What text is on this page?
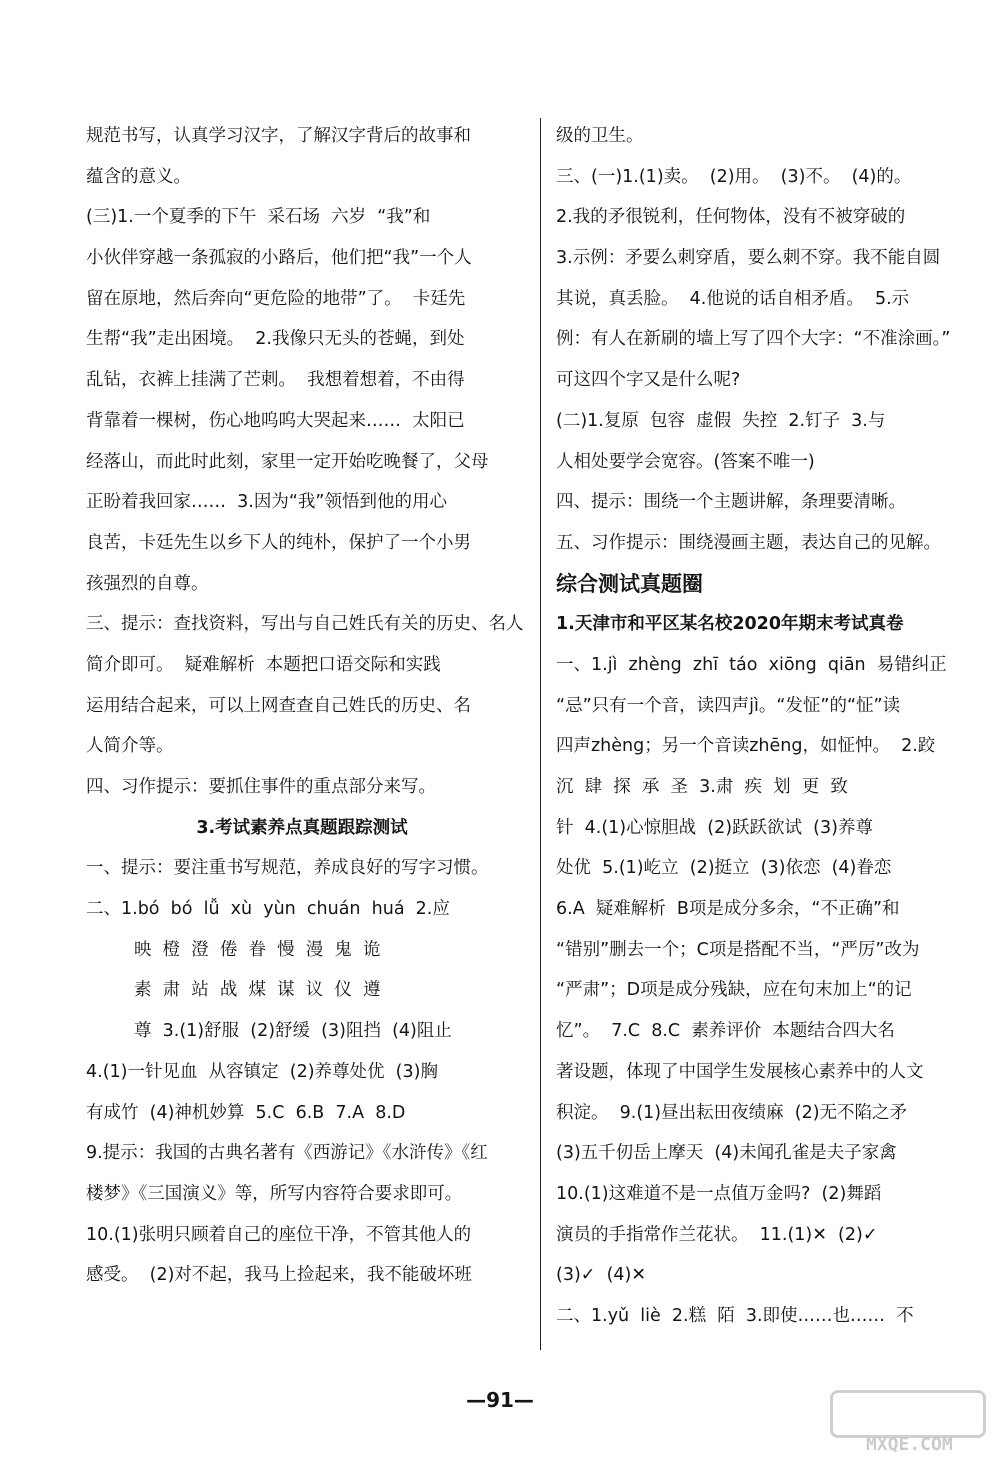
规范书写，认真学习汉字，了解汉字背后的故事和
蕴含的意义。
(三)1.一个夏季的下午  采石场  六岁  “我”和
小伙伴穿越一条孤寂的小路后，他们把“我”一个人
留在原地，然后奔向“更危险的地带”了。  卡廷先
生帮“我”走出困境。  2.我像只无头的苍蝇，到处
乱钻，衣裤上挂满了芒刺。  我想着想着，不由得
背靠着一棵树，伤心地呜呜大哭起来……  太阳已
经落山，而此时此刻，家里一定开始吃晚餐了，父母
正盼着我回家……  3.因为“我”领悟到他的用心
良苦，卡廷先生以乡下人的纯朴，保护了一个小男
孩强烈的自尊。
三、提示：查找资料，写出与自己姓氏有关的历史、名人
简介即可。  疑难解析  本题把口语交际和实践
运用结合起来，可以上网查查自己姓氏的历史、名
人简介等。
四、习作提示：要抓住事件的重点部分来写。
3.考试素养点真题跟踪测试
一、提示：要注重书写规范，养成良好的写字习惯。
二、1.bó  bó  lǚ  xù  yùn  chuán  huá  2.应
映  橙  澄  倦  眷  慢  漫  鬼  诡
素  肃  站  战  煤  谋  议  仪  遵
尊  3.(1)舒服  (2)舒缓  (3)阻挡  (4)阻止
4.(1)一针见血  从容镇定  (2)养尊处优  (3)胸
有成竹  (4)神机妙算  5.C  6.B  7.A  8.D
9.提示：我国的古典名著有《西游记》《水浒传》《红
楼梦》《三国演义》等，所写内容符合要求即可。
10.(1)张明只顾着自己的座位干净，不管其他人的
感受。  (2)对不起，我马上捡起来，我不能破坏班
级的卫生。
三、(一)1.(1)卖。  (2)用。  (3)不。  (4)的。
2.我的矛很锐利，任何物体，没有不被穿破的
3.示例：矛要么刺穿盾，要么刺不穿。我不能自圆
其说，真丢脸。  4.他说的话自相矛盾。  5.示
例：有人在新刷的墙上写了四个大字：“不准涂画。”
可这四个字又是什么呢?
(二)1.复原  包容  虚假  失控  2.钉子  3.与
人相处要学会宽容。(答案不唯一)
四、提示：围绕一个主题讲解，条理要清晰。
五、习作提示：围绕漫画主题，表达自己的见解。
综合测试真题圈
1.天津市和平区某名校2020年期末考试真卷
一、1.jì  zhèng  zhī  táo  xiōng  qiān  易错纠正
“忌”只有一个音，读四声jì。“发怔”的“怔”读
四声zhèng；另一个音读zhēng，如怔忡。  2.跤
沉  肆  探  承  圣  3.肃  疾  划  更  致
针  4.(1)心惊胆战  (2)跃跃欲试  (3)养尊
处优  5.(1)屹立  (2)挺立  (3)依恋  (4)眷恋
6.A  疑难解析  B项是成分多余，“不正确”和
“错别”删去一个；C项是搭配不当，“严厉”改为
“严肃”；D项是成分残缺，应在句末加上“的记
忆”。  7.C  8.C  素养评价  本题结合四大名
著设题，体现了中国学生发展核心素养中的人文
积淀。  9.(1)昼出耘田夜绩麻  (2)无不陷之矛
(3)五千仞岳上摩天  (4)未闻孔雀是夫子家禽
10.(1)这难道不是一点值万金吗?  (2)舞蹈
演员的手指常作兰花状。  11.(1)✕  (2)✓
(3)✓  (4)✕
二、1.yǔ  liè  2.糕  陌  3.即使……也……  不
—91—
MXQE.COM
